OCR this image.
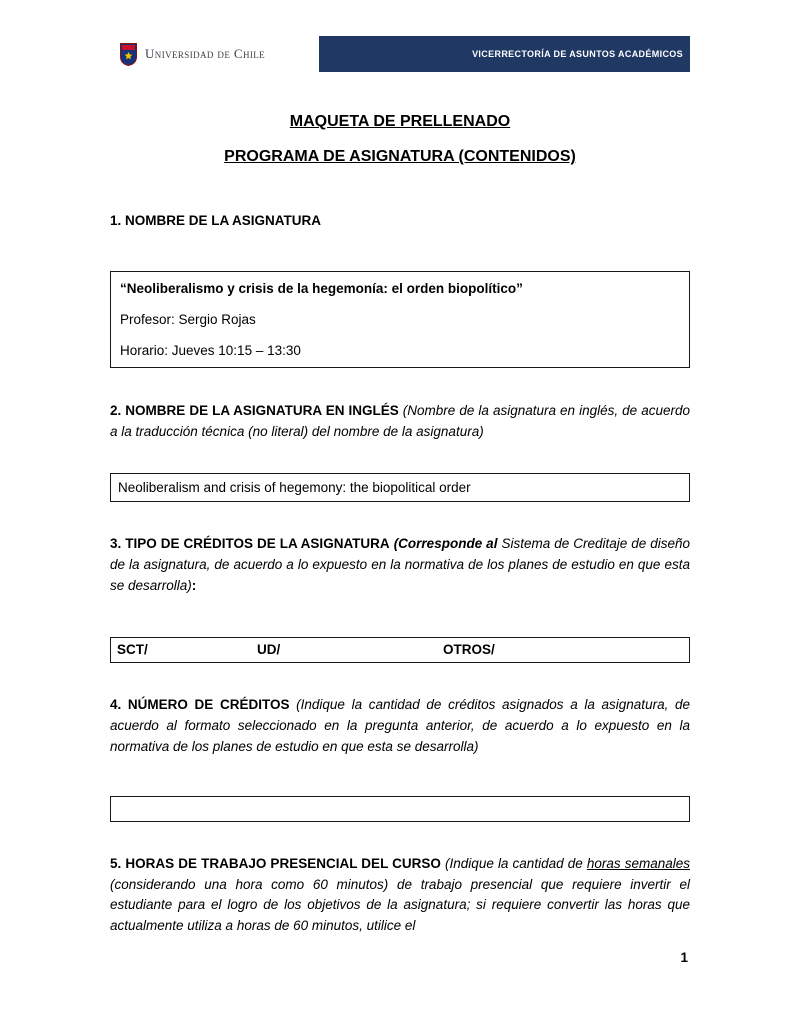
Universidad de Chile	VICERRECTORÍA DE ASUNTOS ACADÉMICOS
MAQUETA DE PRELLENADO
PROGRAMA DE ASIGNATURA (CONTENIDOS)

1. NOMBRE DE LA ASIGNATURA

“Neoliberalismo y crisis de la hegemonía: el orden biopolítico”

Profesor: Sergio Rojas

Horario: Jueves 10:15 – 13:30

2. NOMBRE DE LA ASIGNATURA EN INGLÉS (Nombre de la asignatura en inglés, de acuerdo a la traducción técnica (no literal) del nombre de la asignatura)

Neoliberalism and crisis of hegemony: the biopolitical order

3. TIPO DE CRÉDITOS DE LA ASIGNATURA (Corresponde al Sistema de Creditaje de diseño de la asignatura, de acuerdo a lo expuesto en la normativa de los planes de estudio en que esta se desarrolla):

SCT/	UD/	OTROS/

4. NÚMERO DE CRÉDITOS (Indique la cantidad de créditos asignados a la asignatura, de acuerdo al formato seleccionado en la pregunta anterior, de acuerdo a lo expuesto en la normativa de los planes de estudio en que esta se desarrolla)

5. HORAS DE TRABAJO PRESENCIAL DEL CURSO (Indique la cantidad de horas semanales (considerando una hora como 60 minutos) de trabajo presencial que requiere invertir el estudiante para el logro de los objetivos de la asignatura; si requiere convertir las horas que actualmente utiliza a horas de 60 minutos, utilice el

1
